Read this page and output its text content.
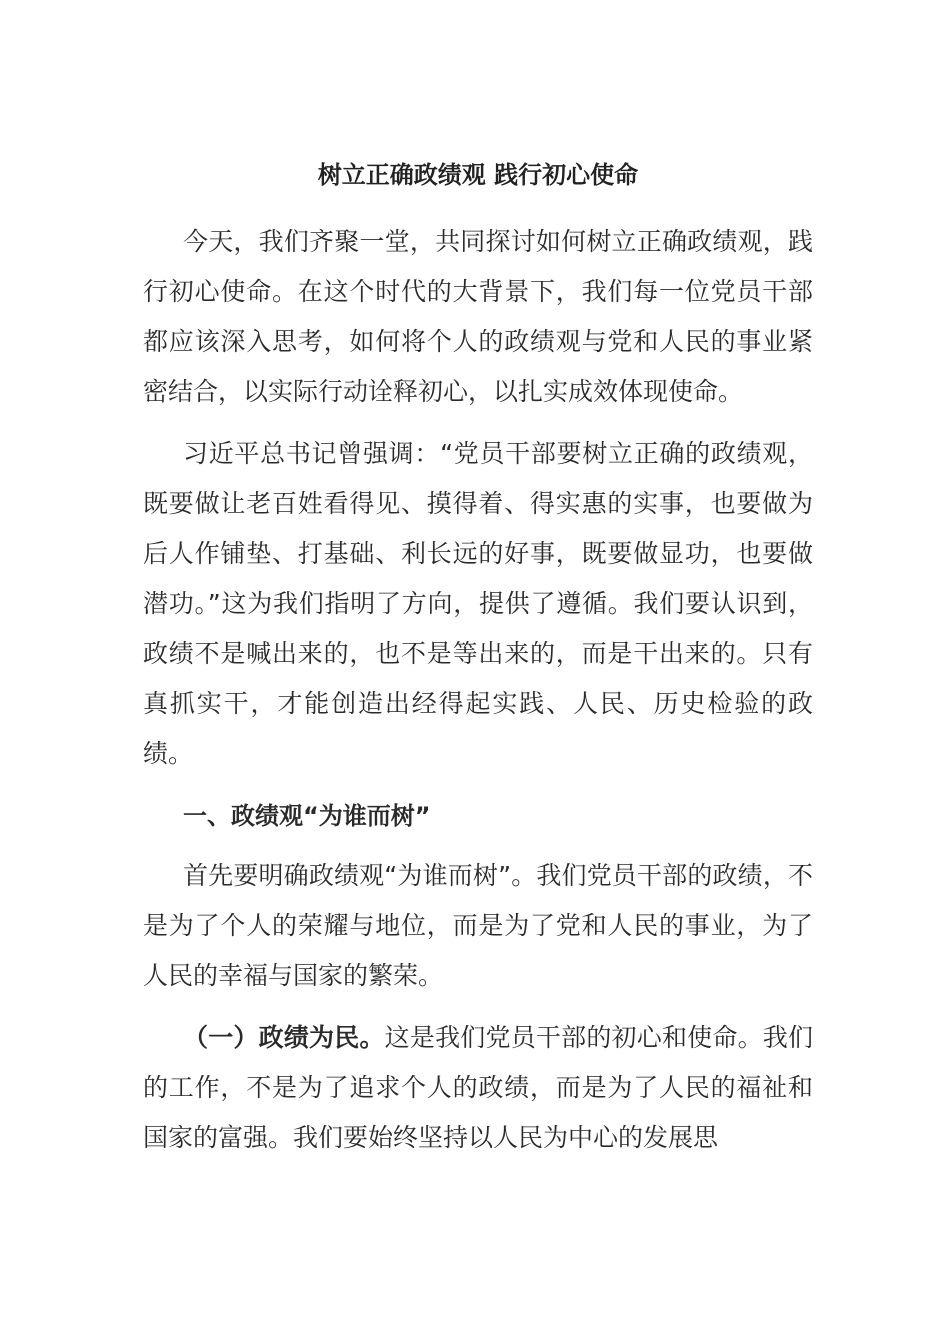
树立正确政绩观 践行初心使命

今天，我们齐聚一堂，共同探讨如何树立正确政绩观，践行初心使命。在这个时代的大背景下，我们每一位党员干部都应该深入思考，如何将个人的政绩观与党和人民的事业紧密结合，以实际行动诠释初心，以扎实成效体现使命。

习近平总书记曾强调：“党员干部要树立正确的政绩观，既要做让老百姓看得见、摸得着、得实惠的实事，也要做为后人作铺垫、打基础、利长远的好事，既要做显功，也要做潜功。”这为我们指明了方向，提供了遵循。我们要认识到，政绩不是喊出来的，也不是等出来的，而是干出来的。只有真抓实干，才能创造出经得起实践、人民、历史检验的政绩。

一、政绩观“为谁而树”

首先要明确政绩观“为谁而树”。我们党员干部的政绩，不是为了个人的荣耀与地位，而是为了党和人民的事业，为了人民的幸福与国家的繁荣。

（一）政绩为民。这是我们党员干部的初心和使命。我们的工作，不是为了追求个人的政绩，而是为了人民的福祉和国家的富强。我们要始终坚持以人民为中心的发展思
